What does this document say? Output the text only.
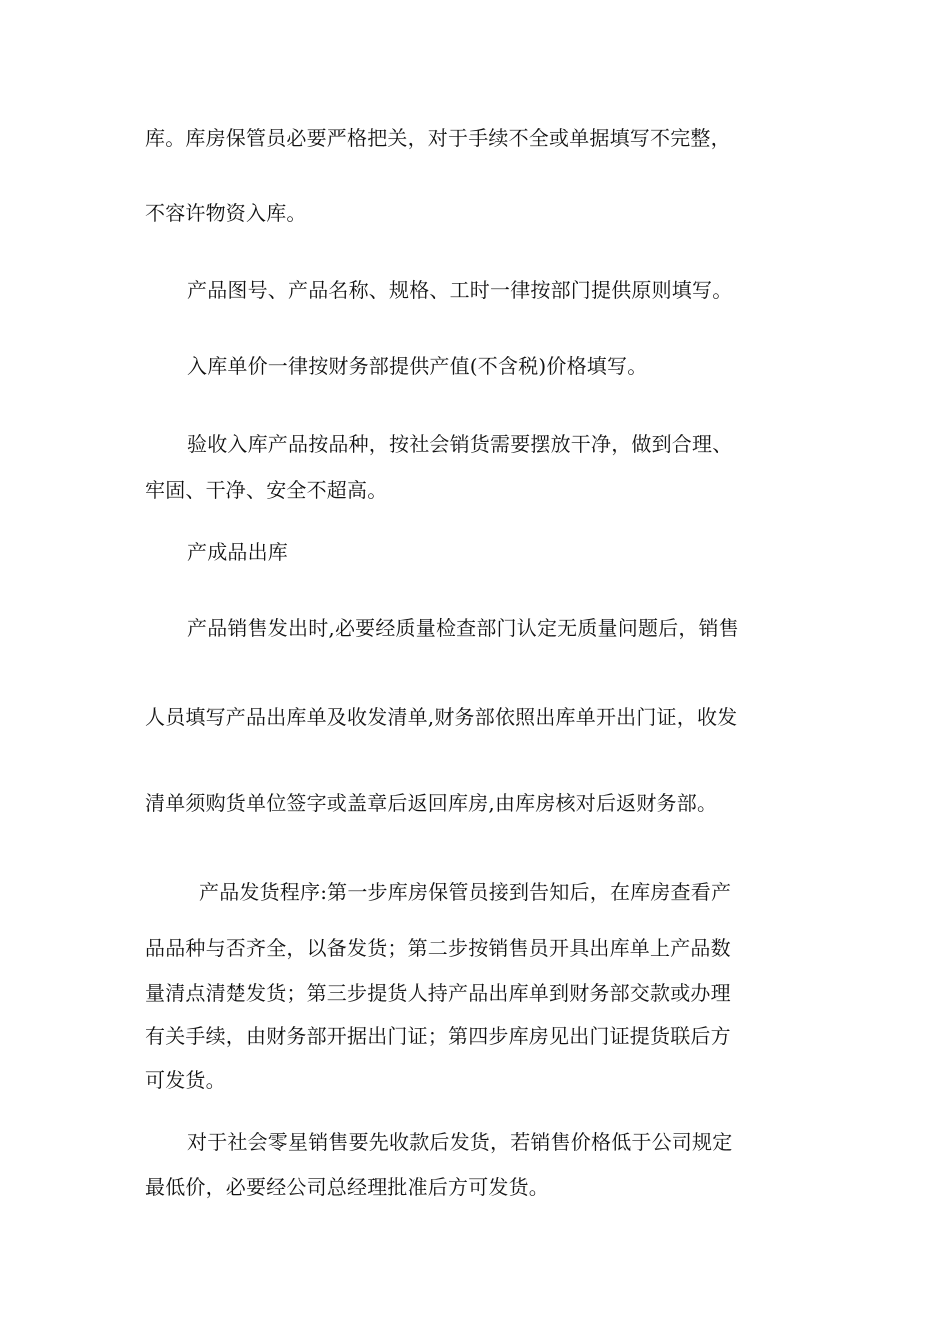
库。库房保管员必要严格把关，对于手续不全或单据填写不完整，
不容许物资入库。
产品图号、产品名称、规格、工时一律按部门提供原则填写。
入库单价一律按财务部提供产值(不含税)价格填写。
验收入库产品按品种，按社会销货需要摆放干净，做到合理、
牢固、干净、安全不超高。
产成品出库
产品销售发出时,必要经质量检查部门认定无质量问题后，销售
人员填写产品出库单及收发清单,财务部依照出库单开出门证，收发
清单须购货单位签字或盖章后返回库房,由库房核对后返财务部。
产品发货程序:第一步库房保管员接到告知后，在库房查看产
品品种与否齐全，以备发货；第二步按销售员开具出库单上产品数
量清点清楚发货；第三步提货人持产品出库单到财务部交款或办理
有关手续，由财务部开据出门证；第四步库房见出门证提货联后方
可发货。
对于社会零星销售要先收款后发货，若销售价格低于公司规定
最低价，必要经公司总经理批准后方可发货。
